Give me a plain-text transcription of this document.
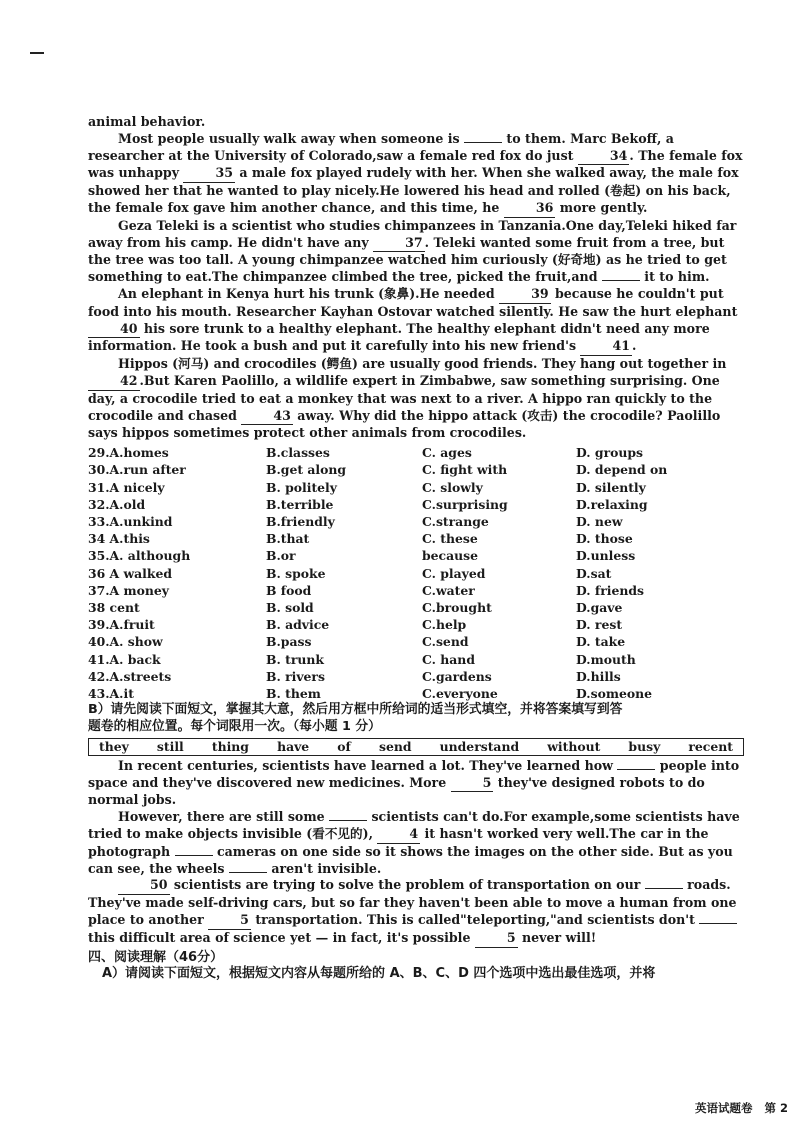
animal behavior.

Most people usually walk away when someone is	to them. Marc Bekoff, a researcher at the University of Colorado,saw a female red fox do just	34 . The female fox was unhappy	35 a male fox played rudely with her. When she walked away, the male fox showed her that he wanted to play nicely.He lowered his head and rolled (卷起) on his back, the female fox gave him another chance, and this time, he	36 more gently.

Geza Teleki is a scientist who studies chimpanzees in Tanzania.One day,Teleki hiked far away from his camp. He didn't have any	37 . Teleki wanted some fruit from a tree, but the tree was too tall. A young chimpanzee watched him curiously (好奇地) as he tried to get something to eat.The chimpanzee climbed the tree, picked the fruit,and	it to him.

An elephant in Kenya hurt his trunk (象鼻).He needed	39 because he couldn't put food into his mouth. Researcher Kayhan Ostovar watched silently. He saw the hurt elephant 40 his sore trunk to a healthy elephant. The healthy elephant didn't need any more information. He took a bush and put it carefully into his new friend's	41 .

Hippos (河马) and crocodiles (鳄鱼) are usually good friends. They hang out together in 42 .But Karen Paolillo, a wildlife expert in Zimbabwe, saw something surprising. One day, a crocodile tried to eat a monkey that was next to a river. A hippo ran quickly to the crocodile and chased	43 away. Why did the hippo attack (攻击) the crocodile? Paolillo says hippos sometimes protect other animals from crocodiles.

29.A.homes	B.classes	C. ages	D. groups
30.A.run after	B.get along	C. fight with	D. depend on
31.A nicely	B. politely	C. slowly	D. silently
32.A.old	B.terrible	C.surprising	D.relaxing
33.A.unkind	B.friendly	C.strange	D. new
34 A.this	B.that	C. these	D. those
35.A. although	B.or	because	D.unless
36 A walked	B. spoke	C. played	D.sat
37.A money	B food	C.water	D. friends
38 cent	B. sold	C.brought	D.gave
39.A.fruit	B. advice	C.help	D. rest
40.A. show	B.pass	C.send	D. take
41.A. back	B. trunk	C. hand	D.mouth
42.A.streets	B. rivers	C.gardens	D.hills
43.A.it	B. them	C.everyone	D.someone
B）请先阅读下面短文，掌握其大意，然后用方框中所给词的适当形式填空，并将答案填写到答
题卷的相应位置。每个词限用一次。（每小题 1 分）
they still thing have of send understand without busy recent

In recent centuries, scientists have learned a lot. They've learned how	people into space and they've discovered new medicines. More	5 they've designed robots to do normal jobs.

However, there are still some	scientists can't do.For example,some scientists have tried to make objects invisible (看不见的),	4 it hasn't worked very well.The car in the photograph	cameras on one side so it shows the images on the other side. But as you can see, the wheels	aren't invisible.

50 scientists are trying to solve the problem of transportation on our	roads. They've made self-driving cars, but so far they haven't been able to move a human from one place to another	5 transportation. This is called"teleporting,"and scientists don't  this difficult area of science yet — in fact, it's possible	5 never will!

四、阅读理解（46分）
A）请阅读下面短文，根据短文内容从每题所给的 A、B、C、D 四个选项中选出最佳选项，并将
英语试题卷 第 2
